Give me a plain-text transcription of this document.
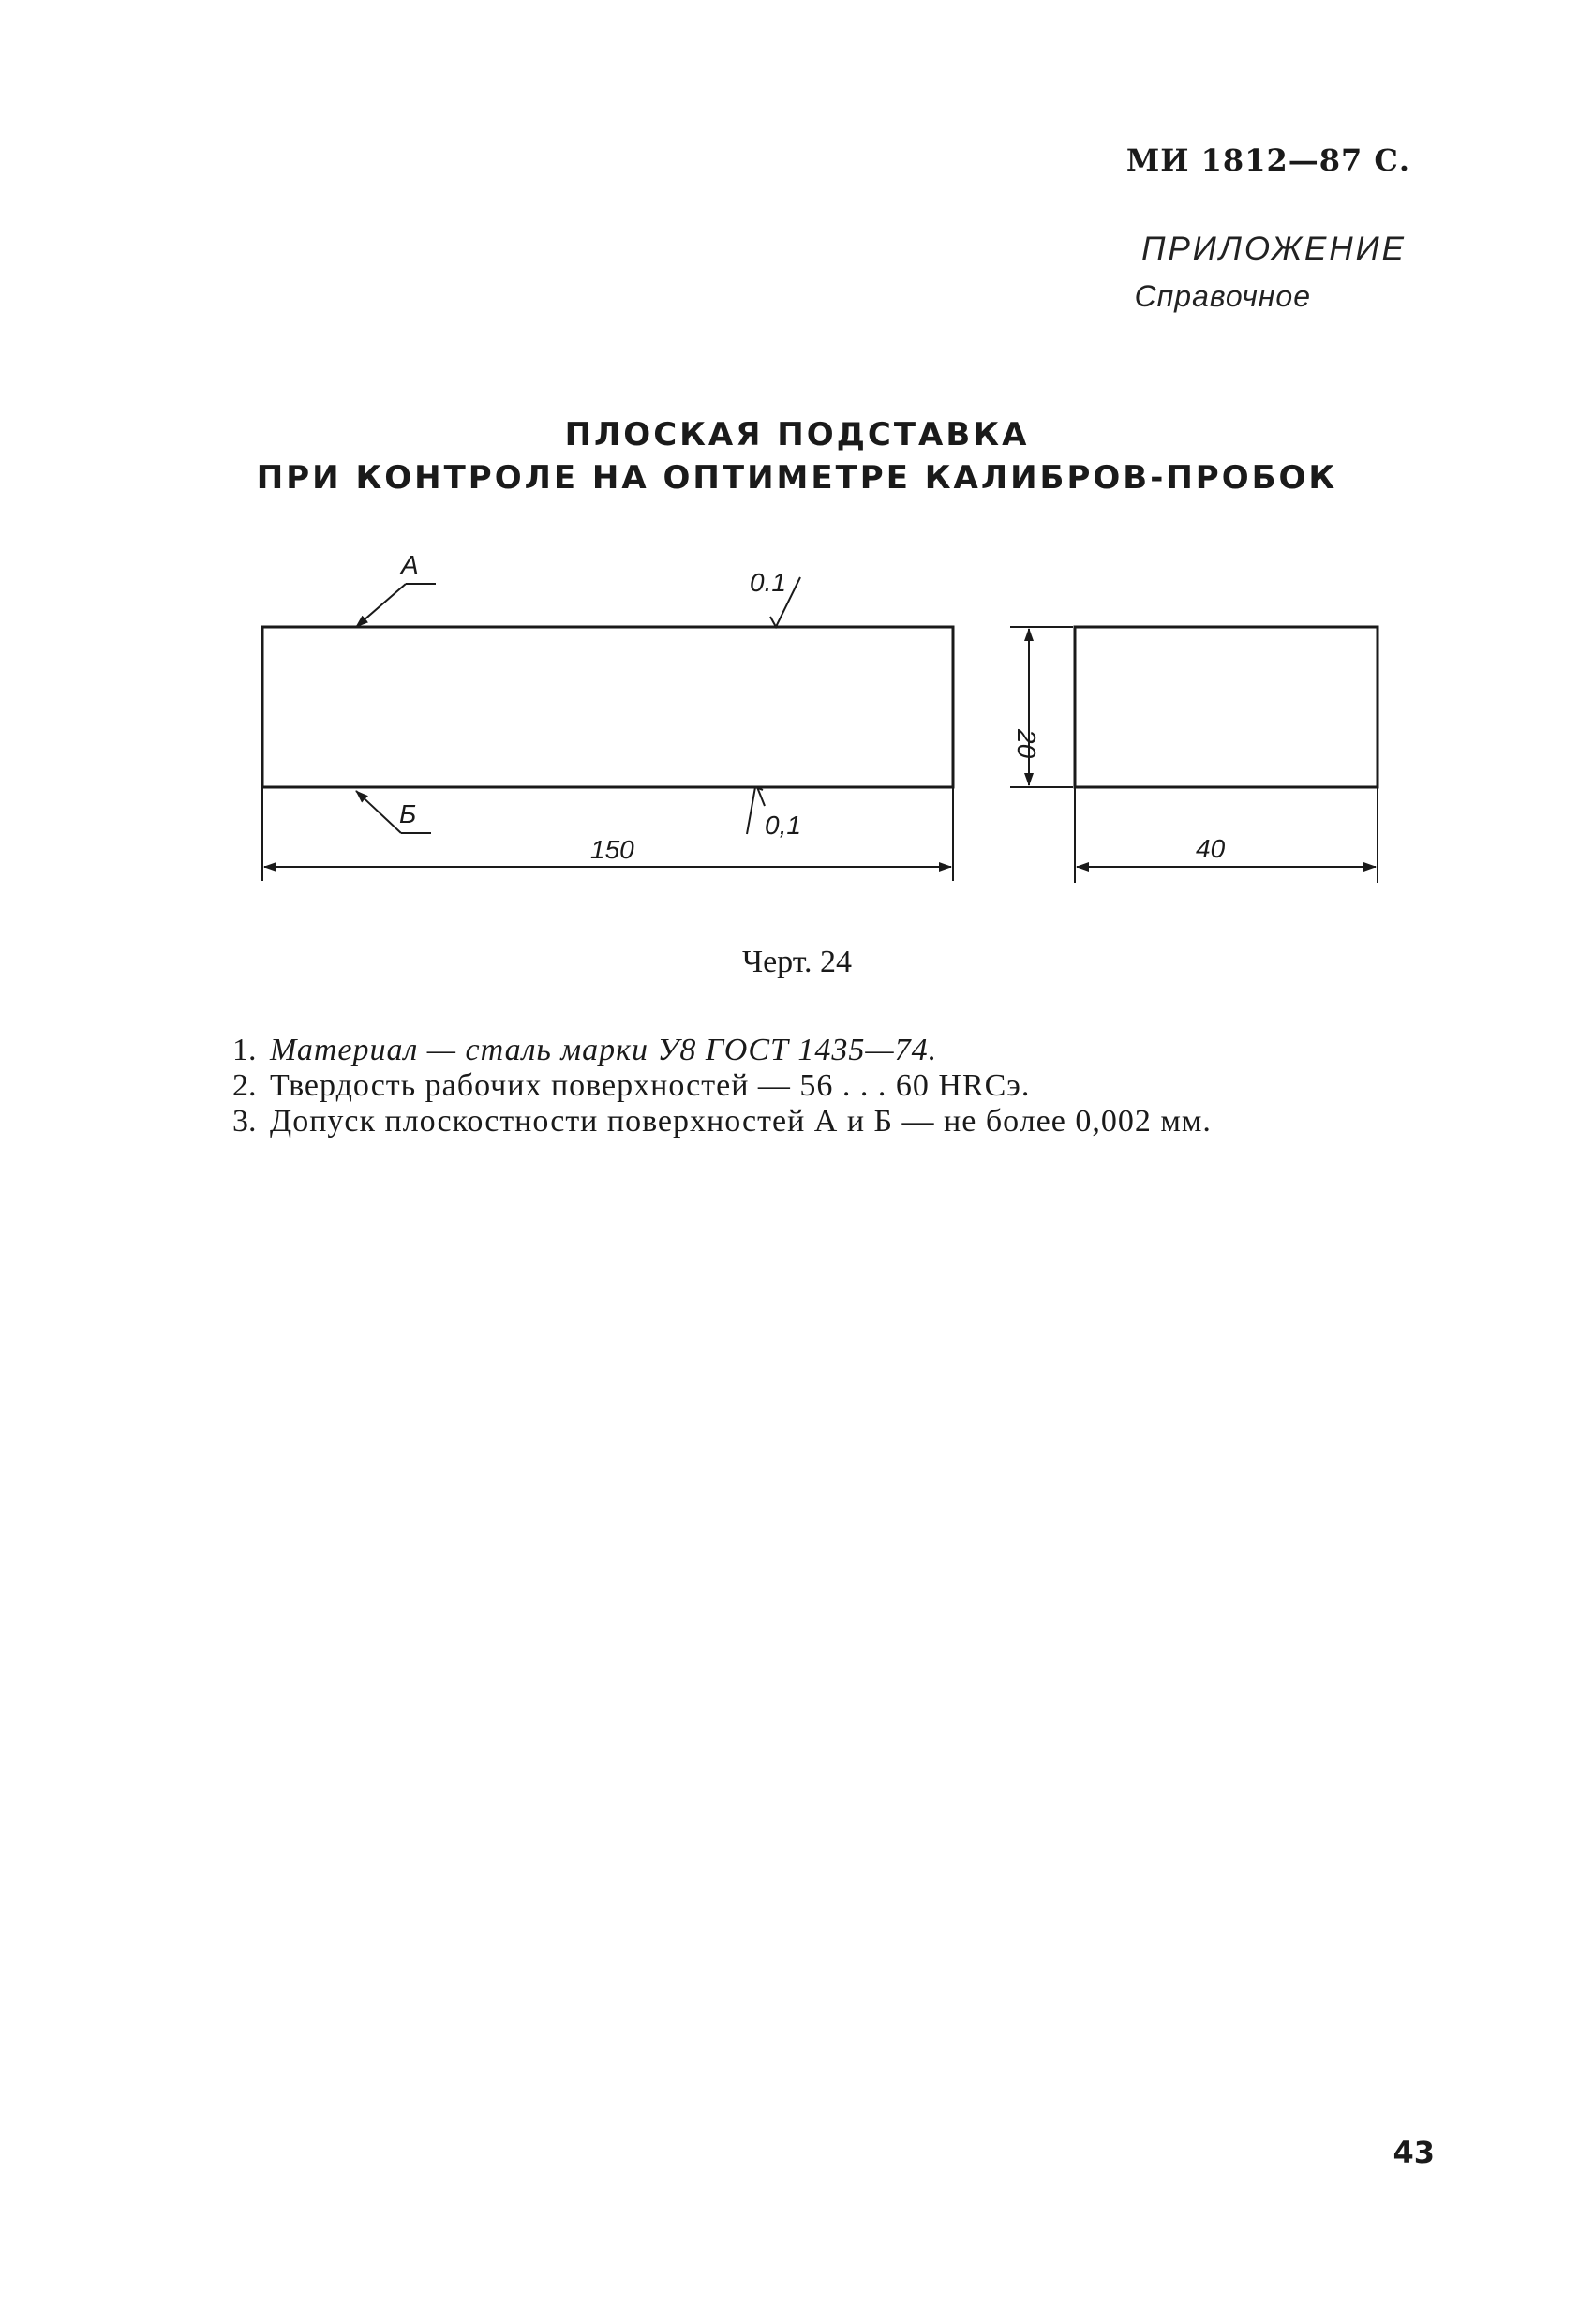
МИ 1812—87 С.
ПРИЛОЖЕНИЕ
Справочное
ПЛОСКАЯ ПОДСТАВКА
ПРИ КОНТРОЛЕ НА ОПТИМЕТРЕ КАЛИБРОВ-ПРОБОК
А
0.1
Б	0,1
150
20
40
Черт. 24
1. Материал — сталь марки У8 ГОСТ 1435—74.
2. Твердость рабочих поверхностей — 56 . . . 60 HRCэ.
3. Допуск плоскостности поверхностей А и Б — не более 0,002 мм.
43
